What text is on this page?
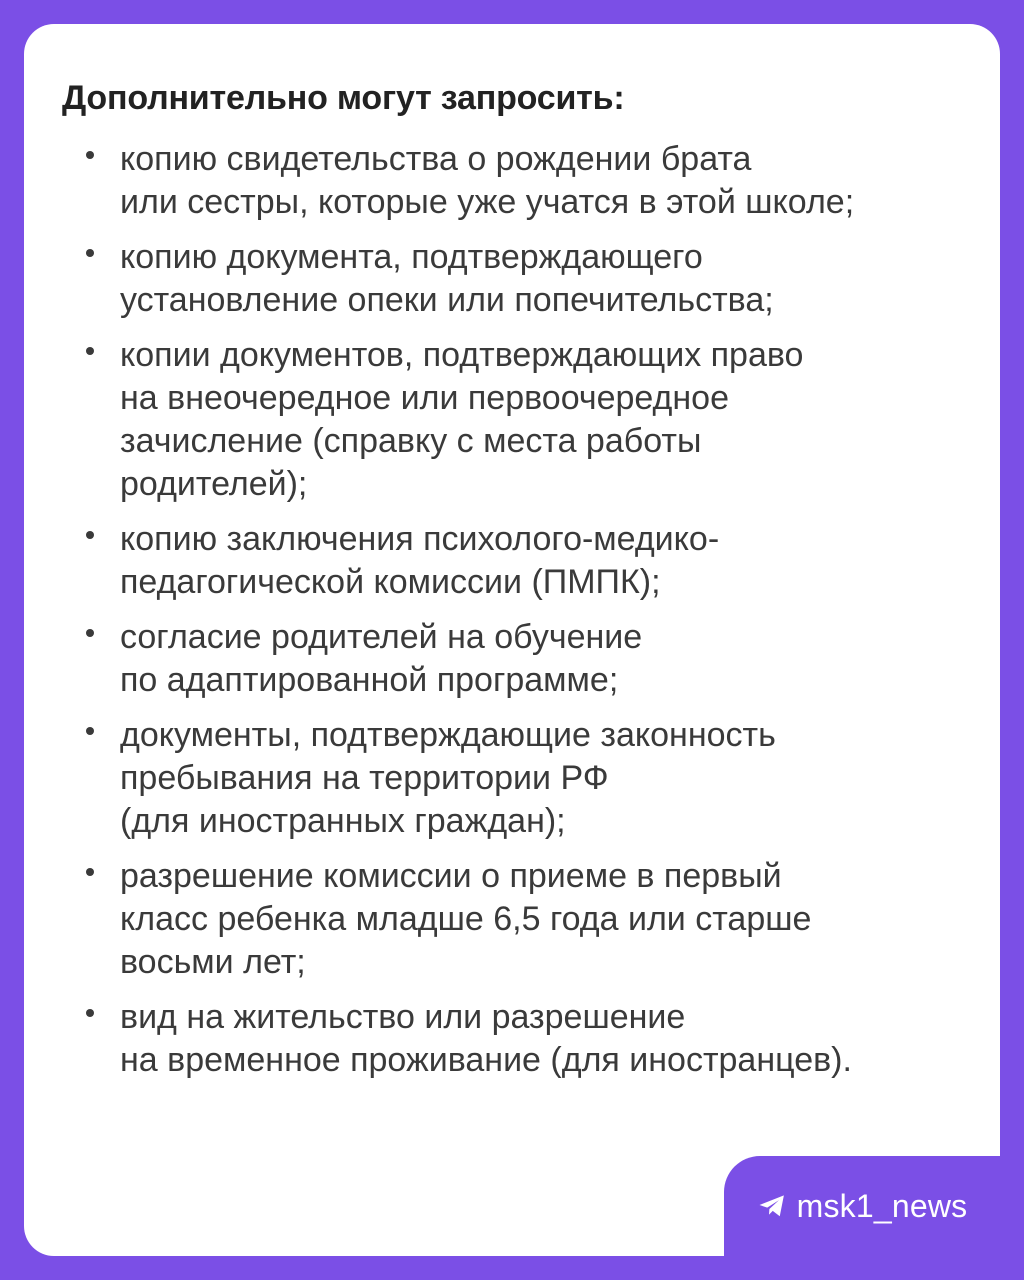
Дополнительно могут запросить:
копию свидетельства о рождении брата
или сестры, которые уже учатся в этой школе;
копию документа, подтверждающего
установление опеки или попечительства;
копии документов, подтверждающих право
на внеочередное или первоочередное
зачисление (справку с места работы
родителей);
копию заключения психолого-медико-
педагогической комиссии (ПМПК);
согласие родителей на обучение
по адаптированной программе;
документы, подтверждающие законность
пребывания на территории РФ
(для иностранных граждан);
разрешение комиссии о приеме в первый
класс ребенка младше 6,5 года или старше
восьми лет;
вид на жительство или разрешение
на временное проживание (для иностранцев).
msk1_news
